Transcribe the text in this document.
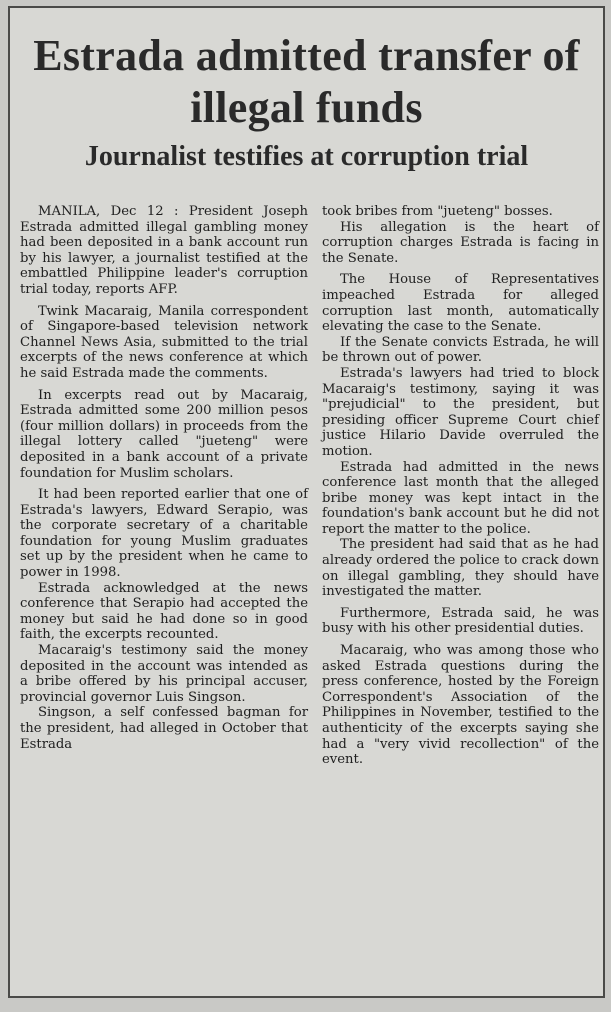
Estrada admitted transfer of illegal funds
Journalist testifies at corruption trial

MANILA, Dec 12 : President Joseph Estrada admitted illegal gambling money had been deposited in a bank account run by his lawyer, a journalist testified at the embattled Philippine leader's corruption trial today, reports AFP.

Twink Macaraig, Manila correspondent of Singapore-based television network Channel News Asia, submitted to the trial excerpts of the news conference at which he said Estrada made the comments.

In excerpts read out by Macaraig, Estrada admitted some 200 million pesos (four million dollars) in proceeds from the illegal lottery called "jueteng" were deposited in a bank account of a private foundation for Muslim scholars.

It had been reported earlier that one of Estrada's lawyers, Edward Serapio, was the corporate secretary of a charitable foundation for young Muslim graduates set up by the president when he came to power in 1998.

Estrada acknowledged at the news conference that Serapio had accepted the money but said he had done so in good faith, the excerpts recounted.

Macaraig's testimony said the money deposited in the account was intended as a bribe offered by his principal accuser, provincial governor Luis Singson.

Singson, a self confessed bagman for the president, had alleged in October that Estrada

took bribes from "jueteng" bosses.

His allegation is the heart of corruption charges Estrada is facing in the Senate.

The House of Representatives impeached Estrada for alleged corruption last month, automatically elevating the case to the Senate.

If the Senate convicts Estrada, he will be thrown out of power.

Estrada's lawyers had tried to block Macaraig's testimony, saying it was "prejudicial" to the president, but presiding officer Supreme Court chief justice Hilario Davide overruled the motion.

Estrada had admitted in the news conference last month that the alleged bribe money was kept intact in the foundation's bank account but he did not report the matter to the police.

The president had said that as he had already ordered the police to crack down on illegal gambling, they should have investigated the matter.

Furthermore, Estrada said, he was busy with his other presidential duties.

Macaraig, who was among those who asked Estrada questions during the press conference, hosted by the Foreign Correspondent's Association of the Philippines in November, testified to the authenticity of the excerpts saying she had a "very vivid recollection" of the event.
